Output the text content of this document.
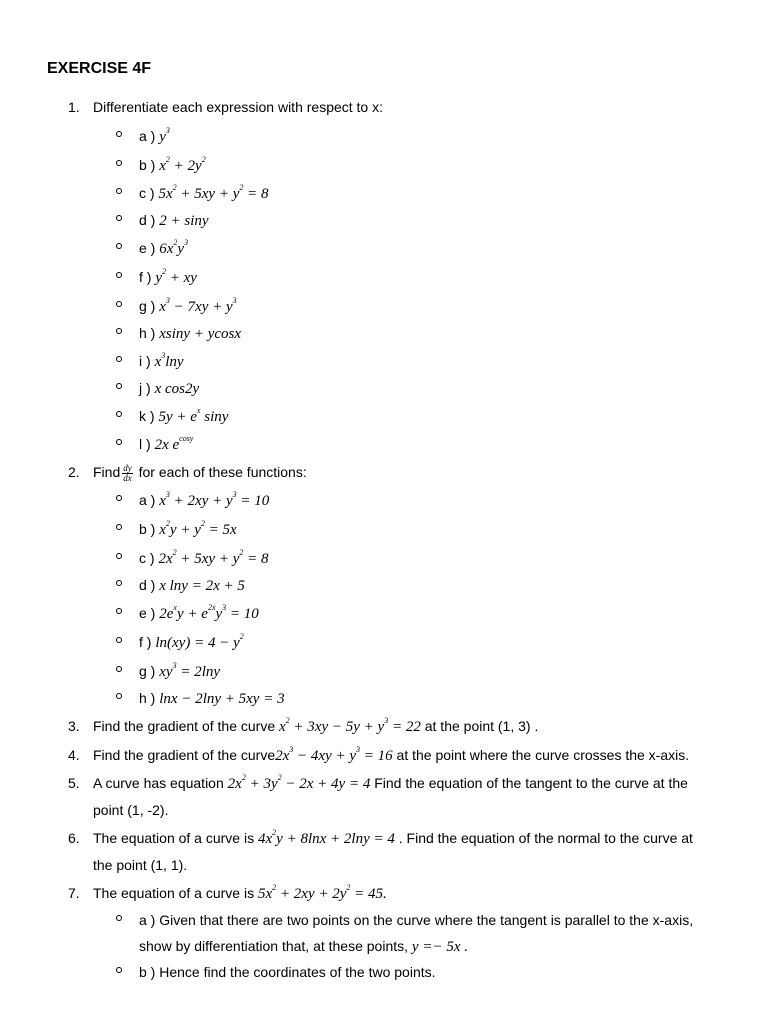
EXERCISE 4F
1. Differentiate each expression with respect to x:
a ) $y^3$
b ) $x^2 + 2y^2$
c ) $5x^2 + 5xy + y^2 = 8$
d ) 2 + siny
e ) $6x^2y^3$
f ) $y^2$ + xy
g ) $x^3 - 7xy + y^3$
h ) xsiny + ycosx
i ) $x^3\ln y$
j ) x cos2y
k ) $5y + e^x$ siny
l ) 2x $e^{cosy}$
2. Find $\frac{dy}{dx}$ for each of these functions:
a ) $x^3 + 2xy + y^3 = 10$
b ) $x^2y + y^2 = 5x$
c ) $2x^2 + 5xy + y^2 = 8$
d ) x lny = 2x + 5
e ) $2e^xy + e^{2x}y^3 = 10$
f ) $\ln(xy) = 4 - y^2$
g ) $xy^3 = 2\ln y$
h ) lnx − 2lny + 5xy = 3
3. Find the gradient of the curve $x^2 + 3xy - 5y + y^3 = 22$ at the point (1, 3) .
4. Find the gradient of the $curve2x^3 - 4xy + y^3 = 16$ at the point where the curve crosses the x-axis.
5. A curve has equation $2x^2 + 3y^2 - 2x + 4y = 4$ Find the equation of the tangent to the curve at the
point (1, -2).
6. The equation of a curve is $4x^2y + 8\ln x + 2\ln y = 4$ . Find the equation of the normal to the curve at
the point (1, 1).
7. The equation of a curve is $5x^2 + 2xy + 2y^2 = 45$.
a ) Given that there are two points on the curve where the tangent is parallel to the x-axis,
show by differentiation that, at these points, y =− 5x .
b ) Hence find the coordinates of the two points.
